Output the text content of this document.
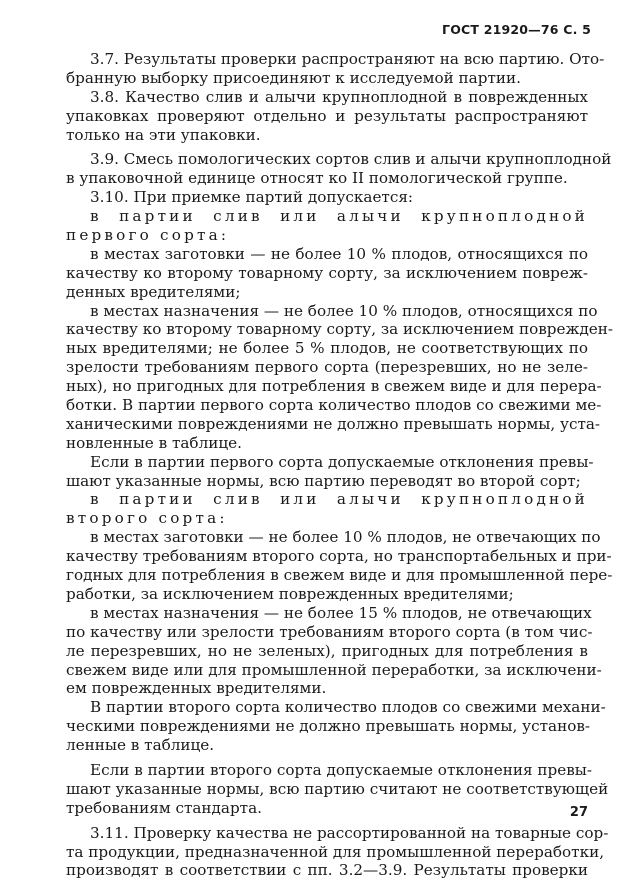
ГОСТ 21920—76 С. 5
3.7. Результаты проверки распространяют на всю партию. Ото-
бранную выборку присоединяют к исследуемой партии.
3.8. Качество слив и алычи крупноплодной в поврежденных
упаковках проверяют отдельно и результаты распространяют
только на эти упаковки.
3.9. Смесь помологических сортов слив и алычи крупноплодной
в упаковочной единице относят ко II помологической группе.
3.10. При приемке партий допускается:
в партии слив или алычи крупноплодной
первого сорта:
в местах заготовки — не более 10 % плодов, относящихся по
качеству ко второму товарному сорту, за исключением повреж-
денных вредителями;
в местах назначения — не более 10 % плодов, относящихся по
качеству ко второму товарному сорту, за исключением поврежден-
ных вредителями; не более 5 % плодов, не соответствующих по
зрелости требованиям первого сорта (перезревших, но не зеле-
ных), но пригодных для потребления в свежем виде и для перера-
ботки. В партии первого сорта количество плодов со свежими ме-
ханическими повреждениями не должно превышать нормы, уста-
новленные в таблице.
Если в партии первого сорта допускаемые отклонения превы-
шают указанные нормы, всю партию переводят во второй сорт;
в партии слив или алычи крупноплодной
второго сорта:
в местах заготовки — не более 10 % плодов, не отвечающих по
качеству требованиям второго сорта, но транспортабельных и при-
годных для потребления в свежем виде и для промышленной пере-
работки, за исключением поврежденных вредителями;
в местах назначения — не более 15 % плодов, не отвечающих
по качеству или зрелости требованиям второго сорта (в том чис-
ле перезревших, но не зеленых), пригодных для потребления в
свежем виде или для промышленной переработки, за исключени-
ем поврежденных вредителями.
В партии второго сорта количество плодов со свежими механи-
ческими повреждениями не должно превышать нормы, установ-
ленные в таблице.
Если в партии второго сорта допускаемые отклонения превы-
шают указанные нормы, всю партию считают не соответствующей
требованиям стандарта.
3.11. Проверку качества не рассортированной на товарные сор-
та продукции, предназначенной для промышленной переработки,
производят в соответствии с пп. 3.2—3.9. Результаты проверки
27
